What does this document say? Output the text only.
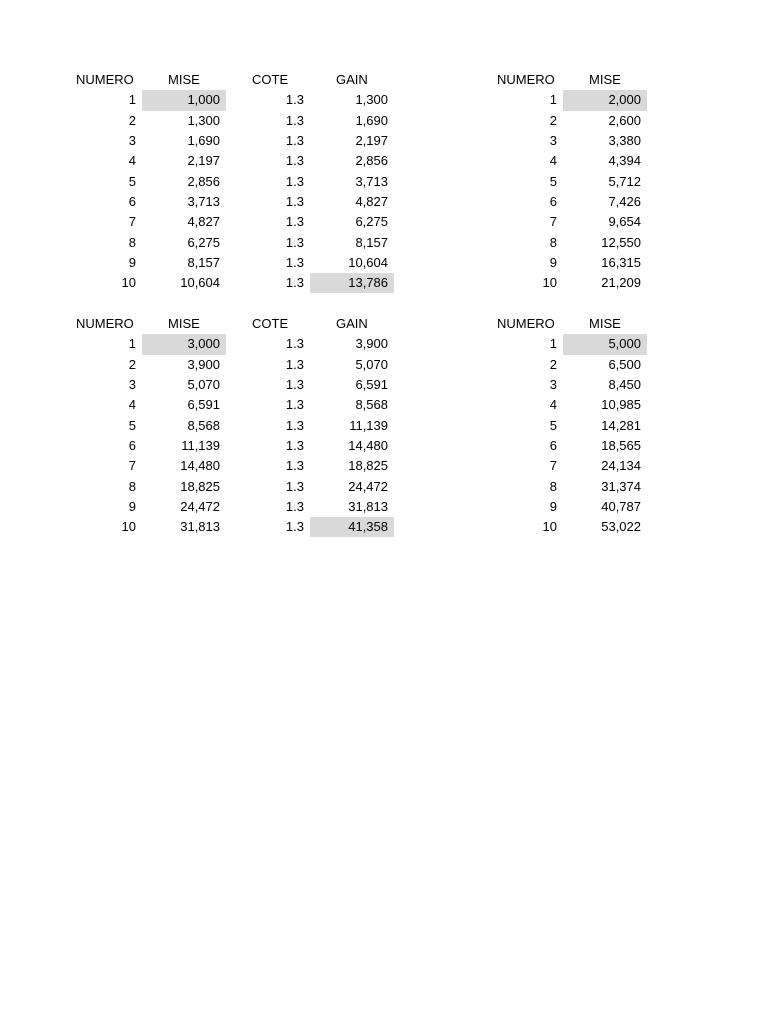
NUMERO	MISE	COTE	GAIN
1	1,000	1.3	1,300
2	1,300	1.3	1,690
3	1,690	1.3	2,197
4	2,197	1.3	2,856
5	2,856	1.3	3,713
6	3,713	1.3	4,827
7	4,827	1.3	6,275
8	6,275	1.3	8,157
9	8,157	1.3	10,604
10	10,604	1.3	13,786
NUMERO	MISE
1	2,000
2	2,600
3	3,380
4	4,394
5	5,712
6	7,426
7	9,654
8	12,550
9	16,315
10	21,209
NUMERO	MISE	COTE	GAIN
1	3,000	1.3	3,900
2	3,900	1.3	5,070
3	5,070	1.3	6,591
4	6,591	1.3	8,568
5	8,568	1.3	11,139
6	11,139	1.3	14,480
7	14,480	1.3	18,825
8	18,825	1.3	24,472
9	24,472	1.3	31,813
10	31,813	1.3	41,358
NUMERO	MISE
1	5,000
2	6,500
3	8,450
4	10,985
5	14,281
6	18,565
7	24,134
8	31,374
9	40,787
10	53,022
